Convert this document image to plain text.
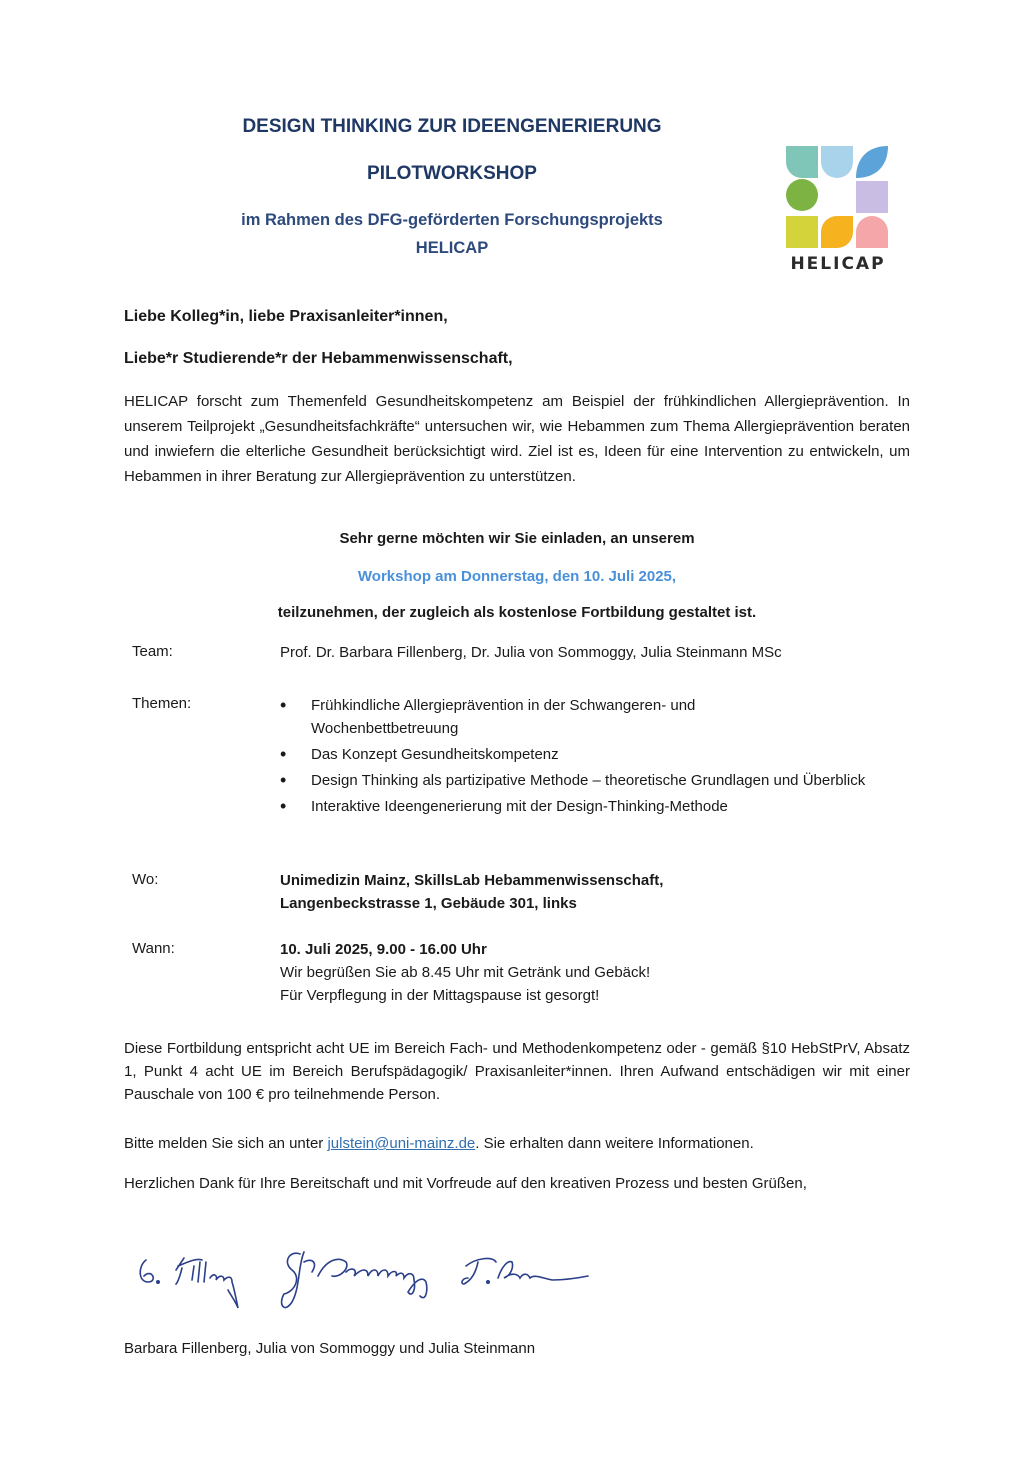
DESIGN THINKING ZUR IDEENGENERIERUNG
PILOTWORKSHOP
im Rahmen des DFG-geförderten Forschungsprojekts
HELICAP
HELICAP
Liebe Kolleg*in, liebe Praxisanleiter*innen,
Liebe*r Studierende*r der Hebammenwissenschaft,
HELICAP forscht zum Themenfeld Gesundheitskompetenz am Beispiel der frühkindlichen Allergieprävention. In unserem Teilprojekt „Gesundheitsfachkräfte“ untersuchen wir, wie Hebammen zum Thema Allergieprävention beraten und inwiefern die elterliche Gesundheit berücksichtigt wird. Ziel ist es, Ideen für eine Intervention zu entwickeln, um Hebammen in ihrer Beratung zur Allergieprävention zu unterstützen.
Sehr gerne möchten wir Sie einladen, an unserem
Workshop am Donnerstag, den 10. Juli 2025,
teilzunehmen, der zugleich als kostenlose Fortbildung gestaltet ist.
Team:	Prof. Dr. Barbara Fillenberg, Dr. Julia von Sommoggy, Julia Steinmann MSc
Themen:
•	Frühkindliche Allergieprävention in der Schwangeren- und Wochenbettbetreuung
• Das Konzept Gesundheitskompetenz
• Design Thinking als partizipative Methode – theoretische Grundlagen und Überblick
• Interaktive Ideengenerierung mit der Design-Thinking-Methode
Wo:	Unimedizin Mainz, SkillsLab Hebammenwissenschaft,
Langenbeckstrasse 1, Gebäude 301, links
Wann:	10. Juli 2025, 9.00 - 16.00 Uhr
Wir begrüßen Sie ab 8.45 Uhr mit Getränk und Gebäck!
Für Verpflegung in der Mittagspause ist gesorgt!
Diese Fortbildung entspricht acht UE im Bereich Fach- und Methodenkompetenz oder - gemäß §10 HebStPrV, Absatz 1, Punkt 4 acht UE im Bereich Berufspädagogik/ Praxisanleiter*innen. Ihren Aufwand entschädigen wir mit einer Pauschale von 100 € pro teilnehmende Person.
Bitte melden Sie sich an unter julstein@uni-mainz.de. Sie erhalten dann weitere Informationen.
Herzlichen Dank für Ihre Bereitschaft und mit Vorfreude auf den kreativen Prozess und besten Grüßen,
Barbara Fillenberg, Julia von Sommoggy und Julia Steinmann
